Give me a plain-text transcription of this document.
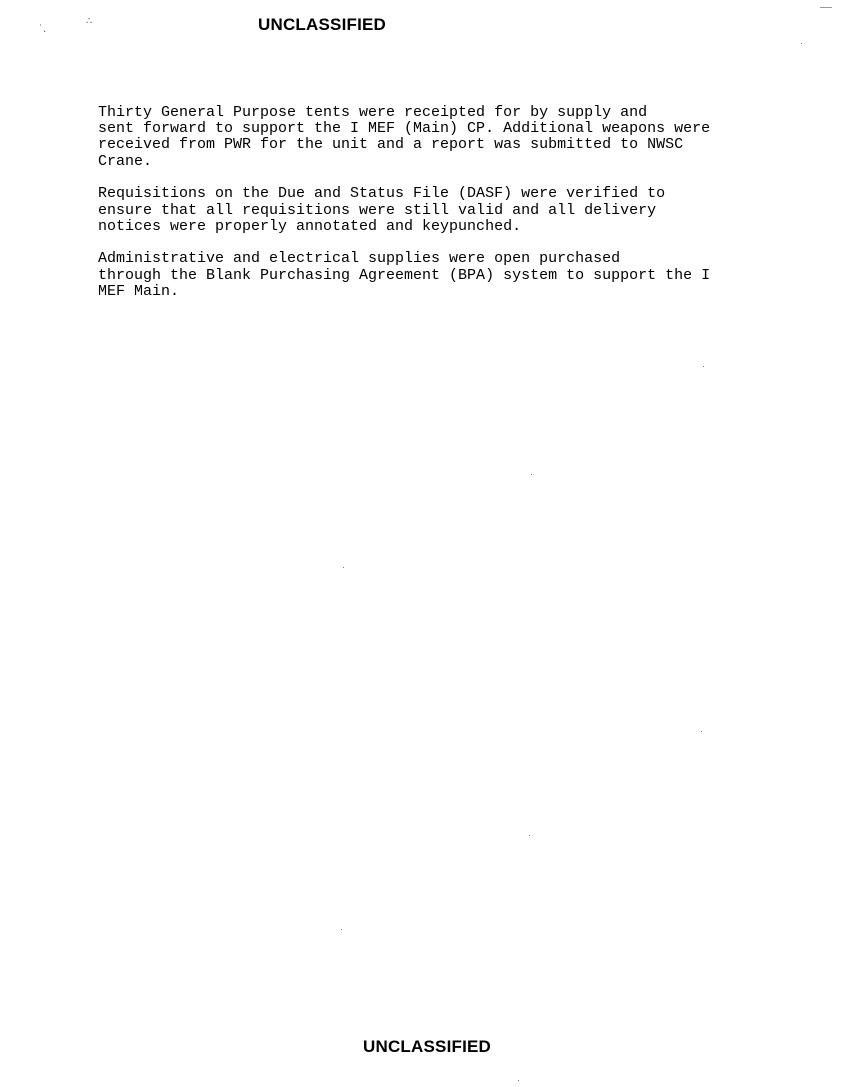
UNCLASSIFIED

Thirty General Purpose tents were receipted for by supply and
sent forward to support the I MEF (Main) CP. Additional weapons were
received from PWR for the unit and a report was submitted to NWSC
Crane.

Requisitions on the Due and Status File (DASF) were verified to
ensure that all requisitions were still valid and all delivery
notices were properly annotated and keypunched.

Administrative and electrical supplies were open purchased
through the Blank Purchasing Agreement (BPA) system to support the I
MEF Main.

UNCLASSIFIED
˙.
∴
